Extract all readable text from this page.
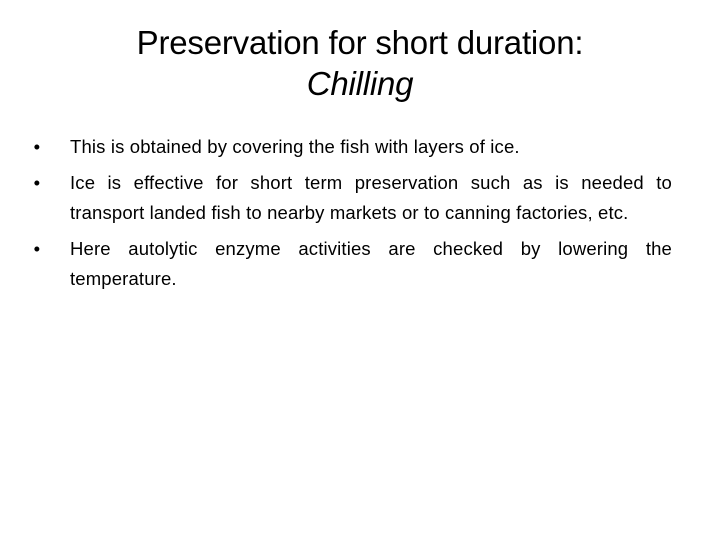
Preservation for short duration:
Chilling
•	This is obtained by covering the fish with layers of ice.
•	Ice is effective for short term preservation such as is needed to transport landed fish to nearby markets or to canning factories, etc.
•	Here autolytic enzyme activities are checked by lowering the temperature.
